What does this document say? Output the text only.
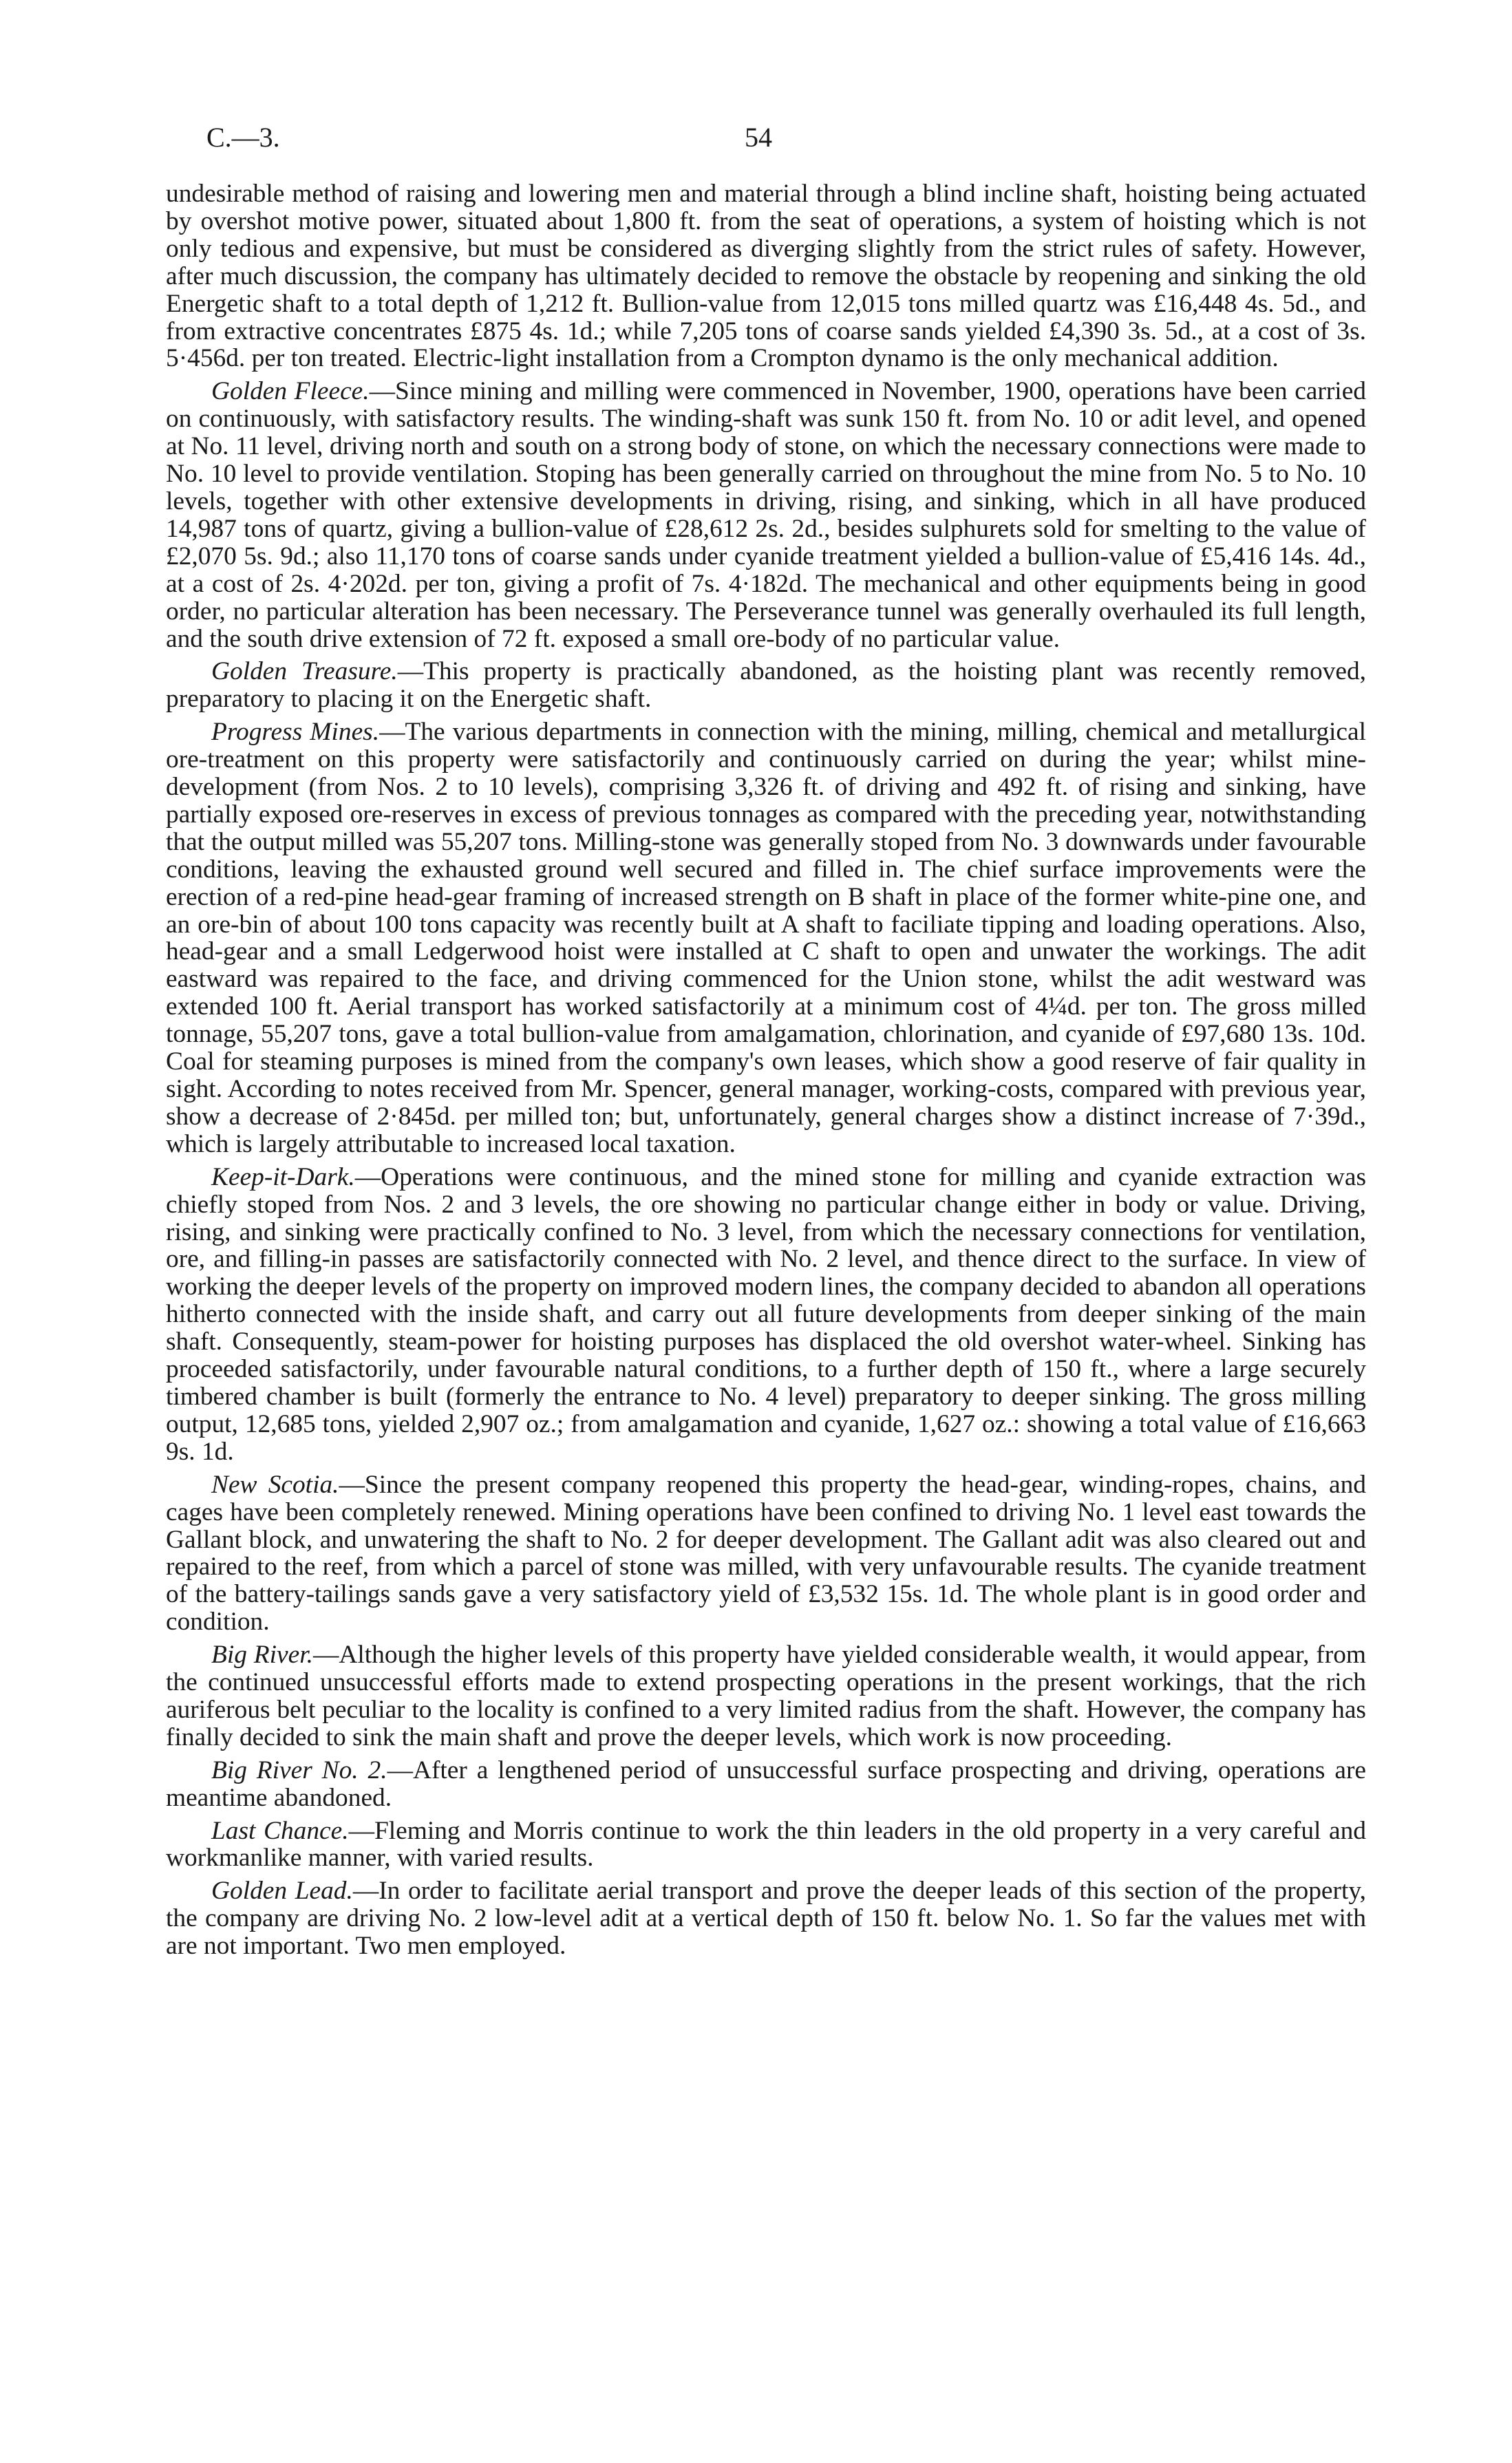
C.—3.	54

undesirable method of raising and lowering men and material through a blind incline shaft, hoisting being actuated by overshot motive power, situated about 1,800 ft. from the seat of operations, a system of hoisting which is not only tedious and expensive, but must be considered as diverging slightly from the strict rules of safety. However, after much discussion, the company has ultimately decided to remove the obstacle by reopening and sinking the old Energetic shaft to a total depth of 1,212 ft. Bullion-value from 12,015 tons milled quartz was £16,448 4s. 5d., and from extractive concentrates £875 4s. 1d.; while 7,205 tons of coarse sands yielded £4,390 3s. 5d., at a cost of 3s. 5·456d. per ton treated. Electric-light installation from a Crompton dynamo is the only mechanical addition.

Golden Fleece.—Since mining and milling were commenced in November, 1900, operations have been carried on continuously, with satisfactory results. The winding-shaft was sunk 150 ft. from No. 10 or adit level, and opened at No. 11 level, driving north and south on a strong body of stone, on which the necessary connections were made to No. 10 level to provide ventilation. Stoping has been generally carried on throughout the mine from No. 5 to No. 10 levels, together with other extensive developments in driving, rising, and sinking, which in all have produced 14,987 tons of quartz, giving a bullion-value of £28,612 2s. 2d., besides sulphurets sold for smelting to the value of £2,070 5s. 9d.; also 11,170 tons of coarse sands under cyanide treatment yielded a bullion-value of £5,416 14s. 4d., at a cost of 2s. 4·202d. per ton, giving a profit of 7s. 4·182d. The mechanical and other equipments being in good order, no particular alteration has been necessary. The Perseverance tunnel was generally overhauled its full length, and the south drive extension of 72 ft. exposed a small ore-body of no particular value.

Golden Treasure.—This property is practically abandoned, as the hoisting plant was recently removed, preparatory to placing it on the Energetic shaft.

Progress Mines.—The various departments in connection with the mining, milling, chemical and metallurgical ore-treatment on this property were satisfactorily and continuously carried on during the year; whilst mine-development (from Nos. 2 to 10 levels), comprising 3,326 ft. of driving and 492 ft. of rising and sinking, have partially exposed ore-reserves in excess of previous tonnages as compared with the preceding year, notwithstanding that the output milled was 55,207 tons. Milling-stone was generally stoped from No. 3 downwards under favourable conditions, leaving the exhausted ground well secured and filled in. The chief surface improvements were the erection of a red-pine head-gear framing of increased strength on B shaft in place of the former white-pine one, and an ore-bin of about 100 tons capacity was recently built at A shaft to faciliate tipping and loading operations. Also, head-gear and a small Ledgerwood hoist were installed at C shaft to open and unwater the workings. The adit eastward was repaired to the face, and driving commenced for the Union stone, whilst the adit westward was extended 100 ft. Aerial transport has worked satisfactorily at a minimum cost of 4¼d. per ton. The gross milled tonnage, 55,207 tons, gave a total bullion-value from amalgamation, chlorination, and cyanide of £97,680 13s. 10d. Coal for steaming purposes is mined from the company's own leases, which show a good reserve of fair quality in sight. According to notes received from Mr. Spencer, general manager, working-costs, compared with previous year, show a decrease of 2·845d. per milled ton; but, unfortunately, general charges show a distinct increase of 7·39d., which is largely attributable to increased local taxation.

Keep-it-Dark.—Operations were continuous, and the mined stone for milling and cyanide extraction was chiefly stoped from Nos. 2 and 3 levels, the ore showing no particular change either in body or value. Driving, rising, and sinking were practically confined to No. 3 level, from which the necessary connections for ventilation, ore, and filling-in passes are satisfactorily connected with No. 2 level, and thence direct to the surface. In view of working the deeper levels of the property on improved modern lines, the company decided to abandon all operations hitherto connected with the inside shaft, and carry out all future developments from deeper sinking of the main shaft. Consequently, steam-power for hoisting purposes has displaced the old overshot water-wheel. Sinking has proceeded satisfactorily, under favourable natural conditions, to a further depth of 150 ft., where a large securely timbered chamber is built (formerly the entrance to No. 4 level) preparatory to deeper sinking. The gross milling output, 12,685 tons, yielded 2,907 oz.; from amalgamation and cyanide, 1,627 oz.: showing a total value of £16,663 9s. 1d.

New Scotia.—Since the present company reopened this property the head-gear, winding-ropes, chains, and cages have been completely renewed. Mining operations have been confined to driving No. 1 level east towards the Gallant block, and unwatering the shaft to No. 2 for deeper development. The Gallant adit was also cleared out and repaired to the reef, from which a parcel of stone was milled, with very unfavourable results. The cyanide treatment of the battery-tailings sands gave a very satisfactory yield of £3,532 15s. 1d. The whole plant is in good order and condition.

Big River.—Although the higher levels of this property have yielded considerable wealth, it would appear, from the continued unsuccessful efforts made to extend prospecting operations in the present workings, that the rich auriferous belt peculiar to the locality is confined to a very limited radius from the shaft. However, the company has finally decided to sink the main shaft and prove the deeper levels, which work is now proceeding.

Big River No. 2.—After a lengthened period of unsuccessful surface prospecting and driving, operations are meantime abandoned.

Last Chance.—Fleming and Morris continue to work the thin leaders in the old property in a very careful and workmanlike manner, with varied results.

Golden Lead.—In order to facilitate aerial transport and prove the deeper leads of this section of the property, the company are driving No. 2 low-level adit at a vertical depth of 150 ft. below No. 1. So far the values met with are not important. Two men employed.
